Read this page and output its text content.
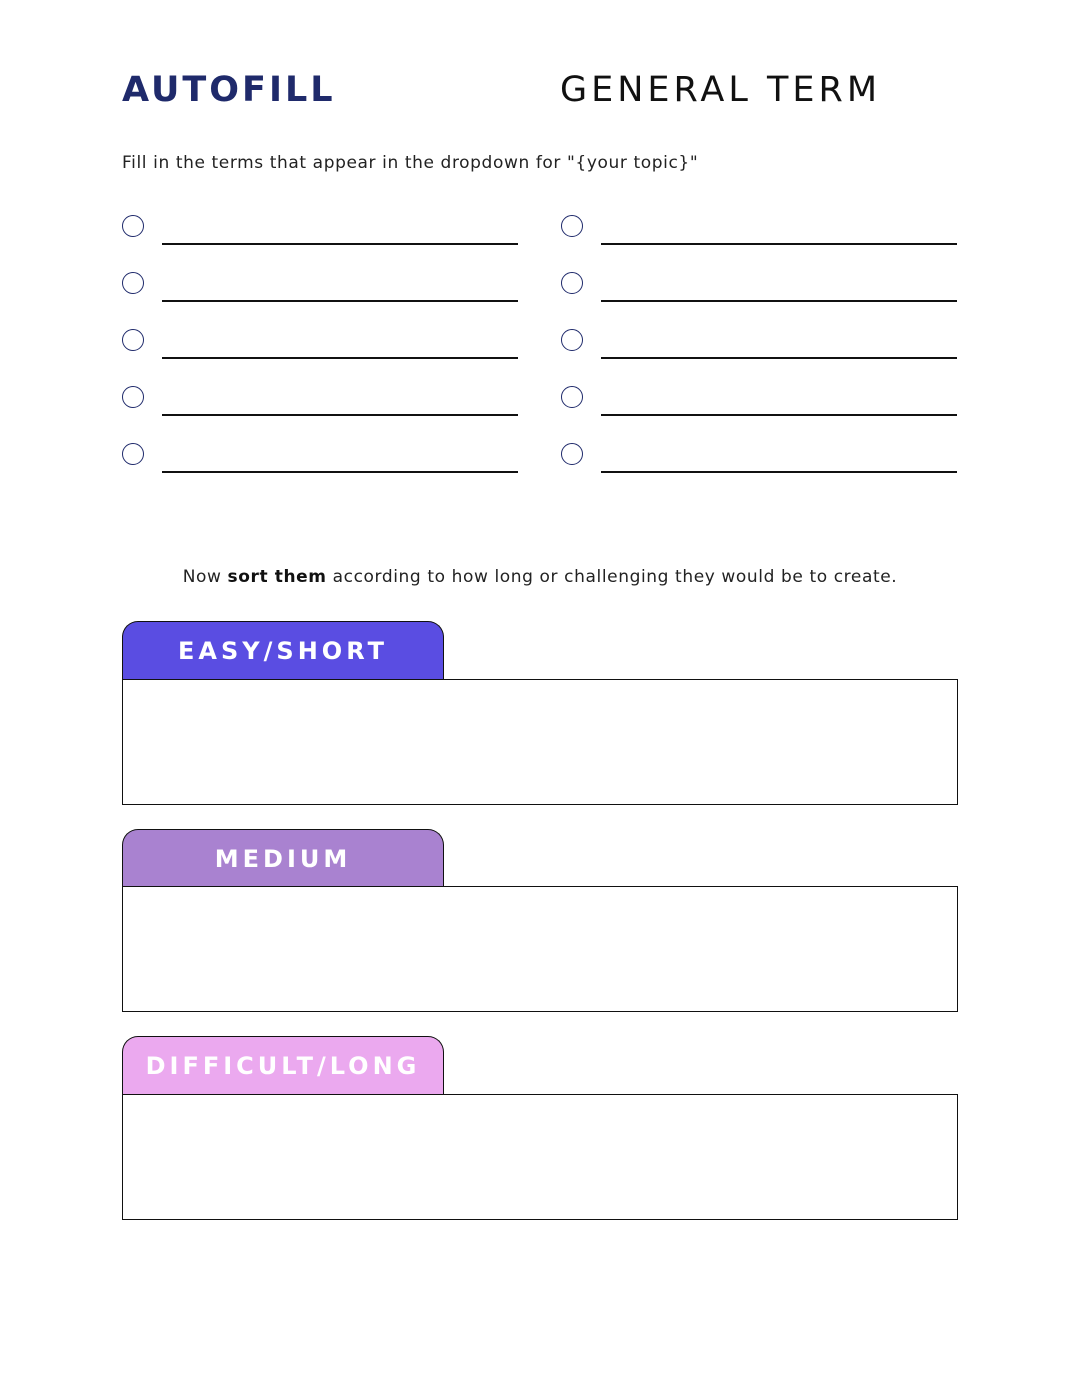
AUTOFILL	GENERAL TERM
Fill in the terms that appear in the dropdown for "{your topic}"
Now sort them according to how long or challenging they would be to create.
EASY/SHORT
MEDIUM
DIFFICULT/LONG
